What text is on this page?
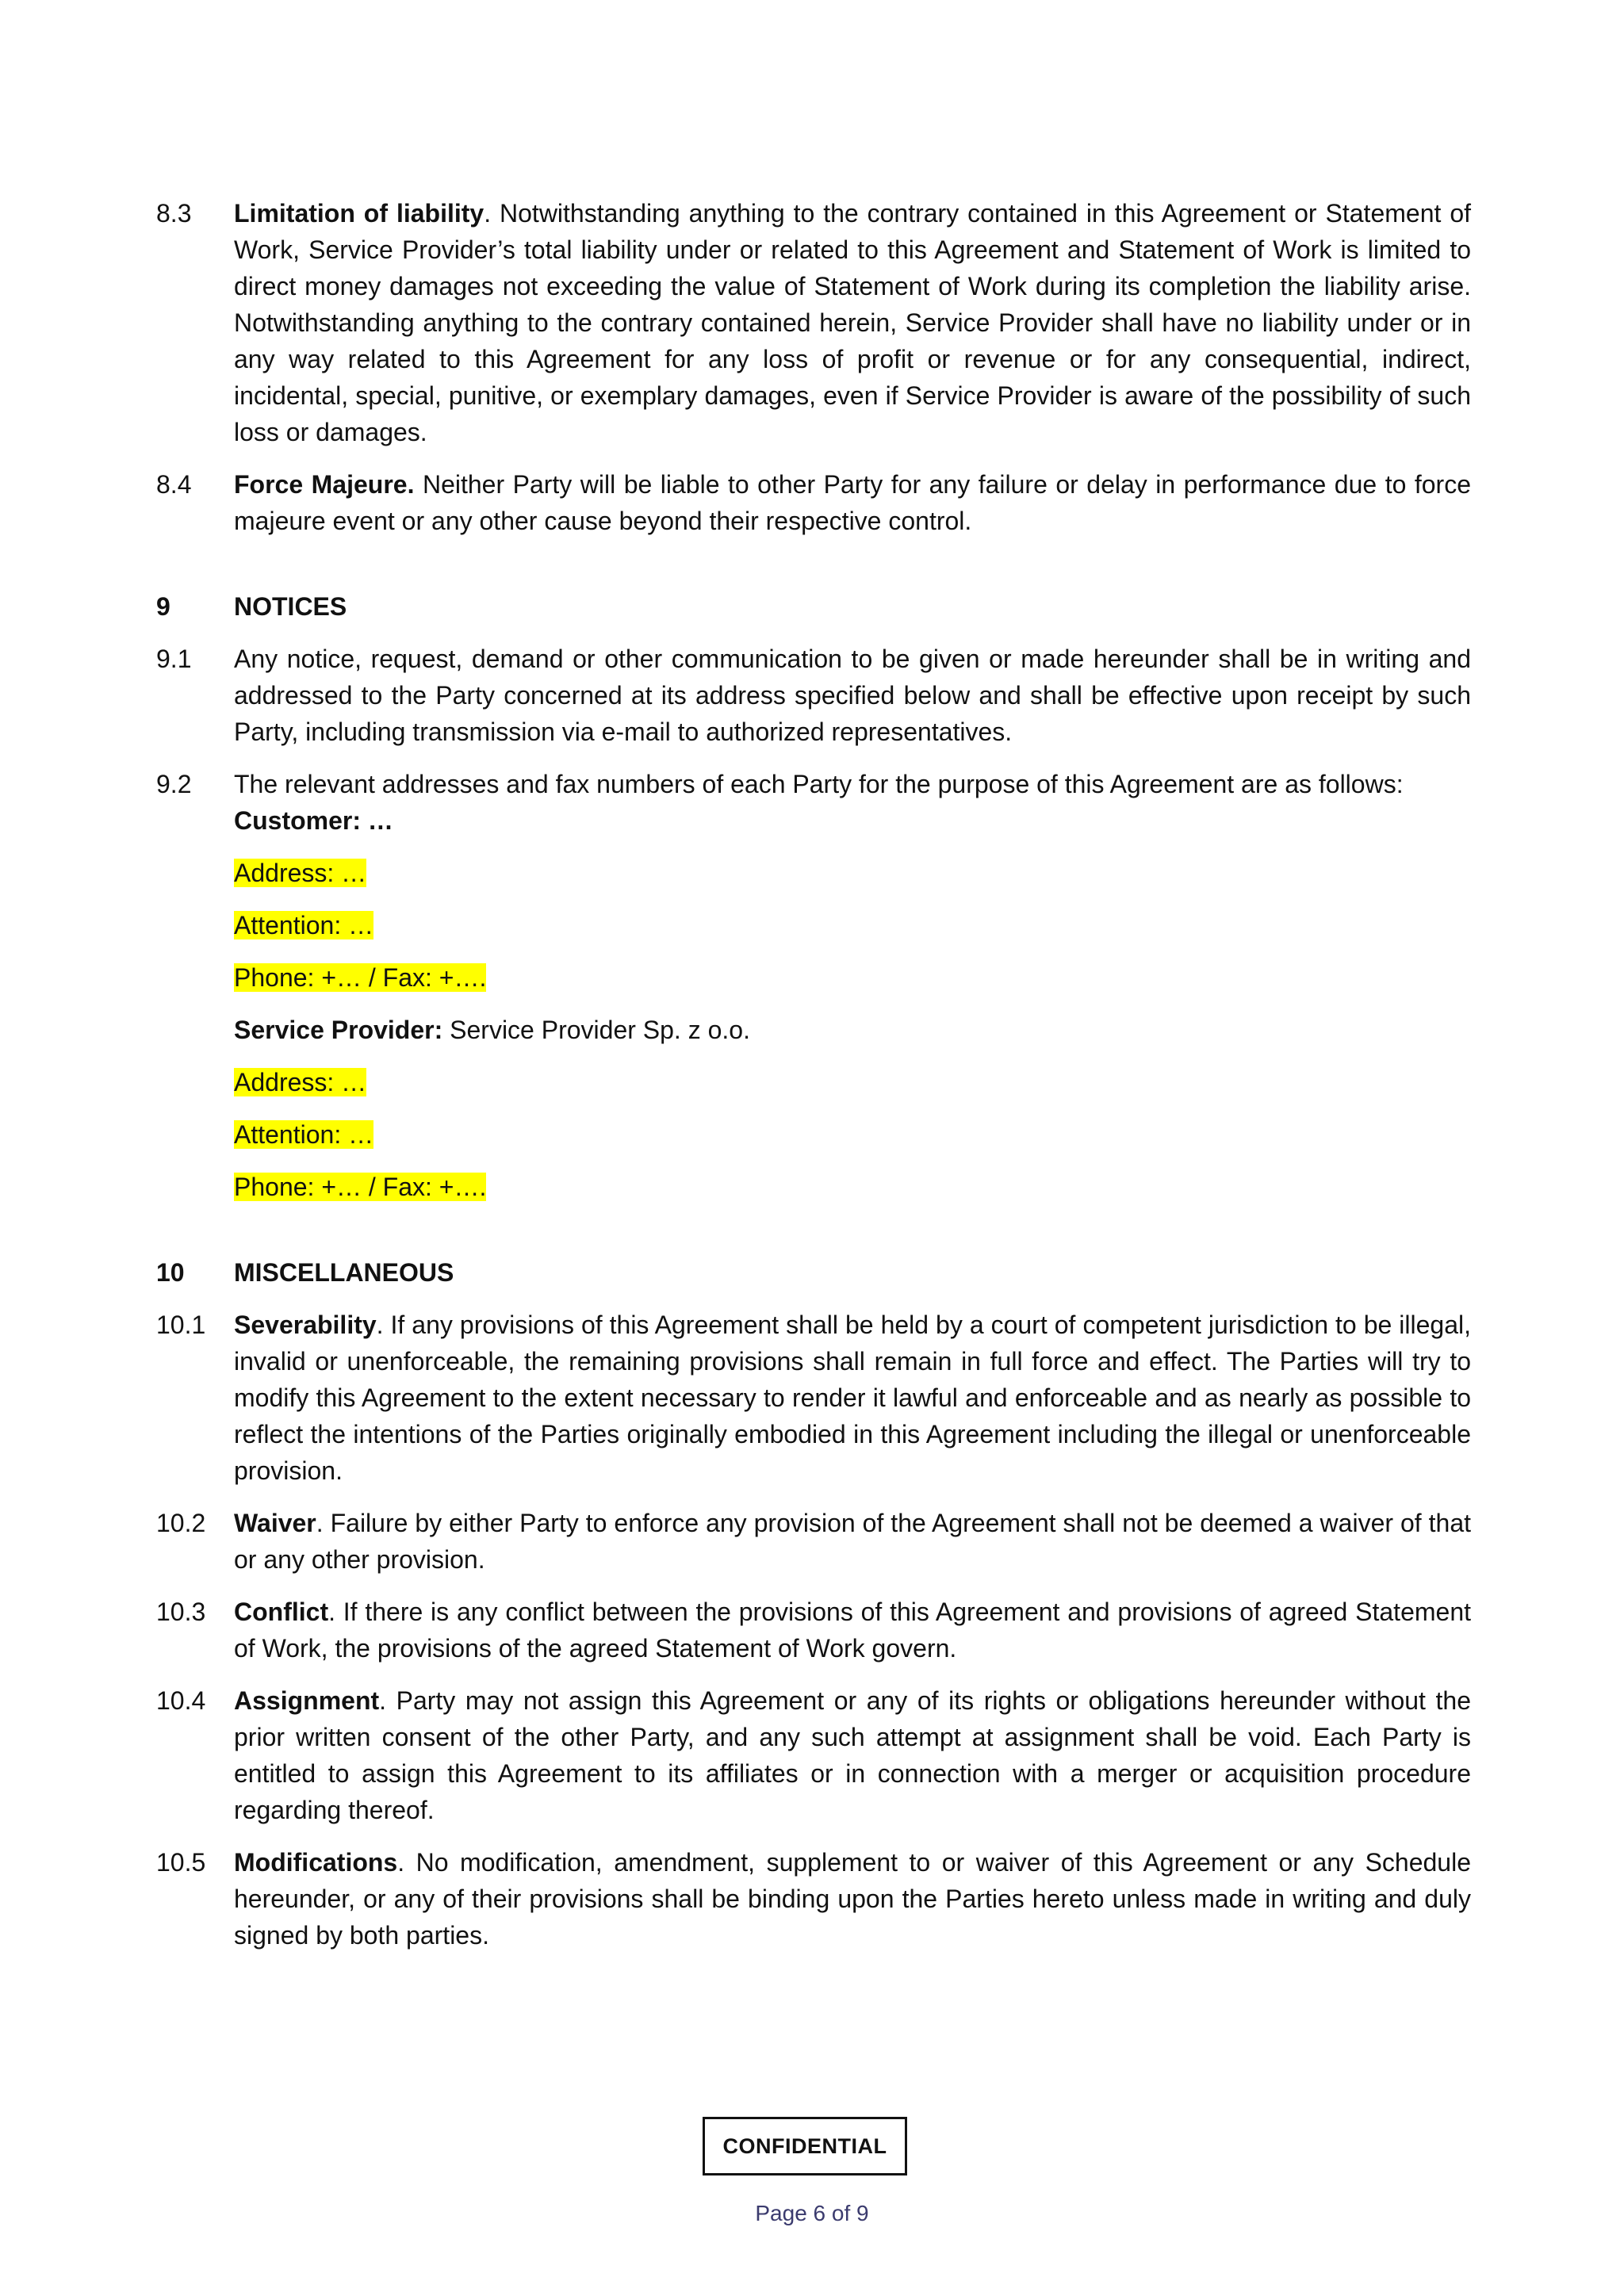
8.3	Limitation of liability. Notwithstanding anything to the contrary contained in this Agreement or Statement of Work, Service Provider’s total liability under or related to this Agreement and Statement of Work is limited to direct money damages not exceeding the value of Statement of Work during its completion the liability arise. Notwithstanding anything to the contrary contained herein, Service Provider shall have no liability under or in any way related to this Agreement for any loss of profit or revenue or for any consequential, indirect, incidental, special, punitive, or exemplary damages, even if Service Provider is aware of the possibility of such loss or damages.
8.4	Force Majeure. Neither Party will be liable to other Party for any failure or delay in performance due to force majeure event or any other cause beyond their respective control.
9	NOTICES
9.1	Any notice, request, demand or other communication to be given or made hereunder shall be in writing and addressed to the Party concerned at its address specified below and shall be effective upon receipt by such Party, including transmission via e-mail to authorized representatives.
9.2	The relevant addresses and fax numbers of each Party for the purpose of this Agreement are as follows:
Customer: …
Address: …
Attention: …
Phone: +… / Fax: +….
Service Provider: Service Provider Sp. z o.o.
Address: …
Attention: …
Phone: +… / Fax: +….
10	MISCELLANEOUS
10.1	Severability. If any provisions of this Agreement shall be held by a court of competent jurisdiction to be illegal, invalid or unenforceable, the remaining provisions shall remain in full force and effect. The Parties will try to modify this Agreement to the extent necessary to render it lawful and enforceable and as nearly as possible to reflect the intentions of the Parties originally embodied in this Agreement including the illegal or unenforceable provision.
10.2	Waiver. Failure by either Party to enforce any provision of the Agreement shall not be deemed a waiver of that or any other provision.
10.3	Conflict. If there is any conflict between the provisions of this Agreement and provisions of agreed Statement of Work, the provisions of the agreed Statement of Work govern.
10.4	Assignment. Party may not assign this Agreement or any of its rights or obligations hereunder without the prior written consent of the other Party, and any such attempt at assignment shall be void. Each Party is entitled to assign this Agreement to its affiliates or in connection with a merger or acquisition procedure regarding thereof.
10.5	Modifications. No modification, amendment, supplement to or waiver of this Agreement or any Schedule hereunder, or any of their provisions shall be binding upon the Parties hereto unless made in writing and duly signed by both parties.
CONFIDENTIAL
Page 6 of 9
